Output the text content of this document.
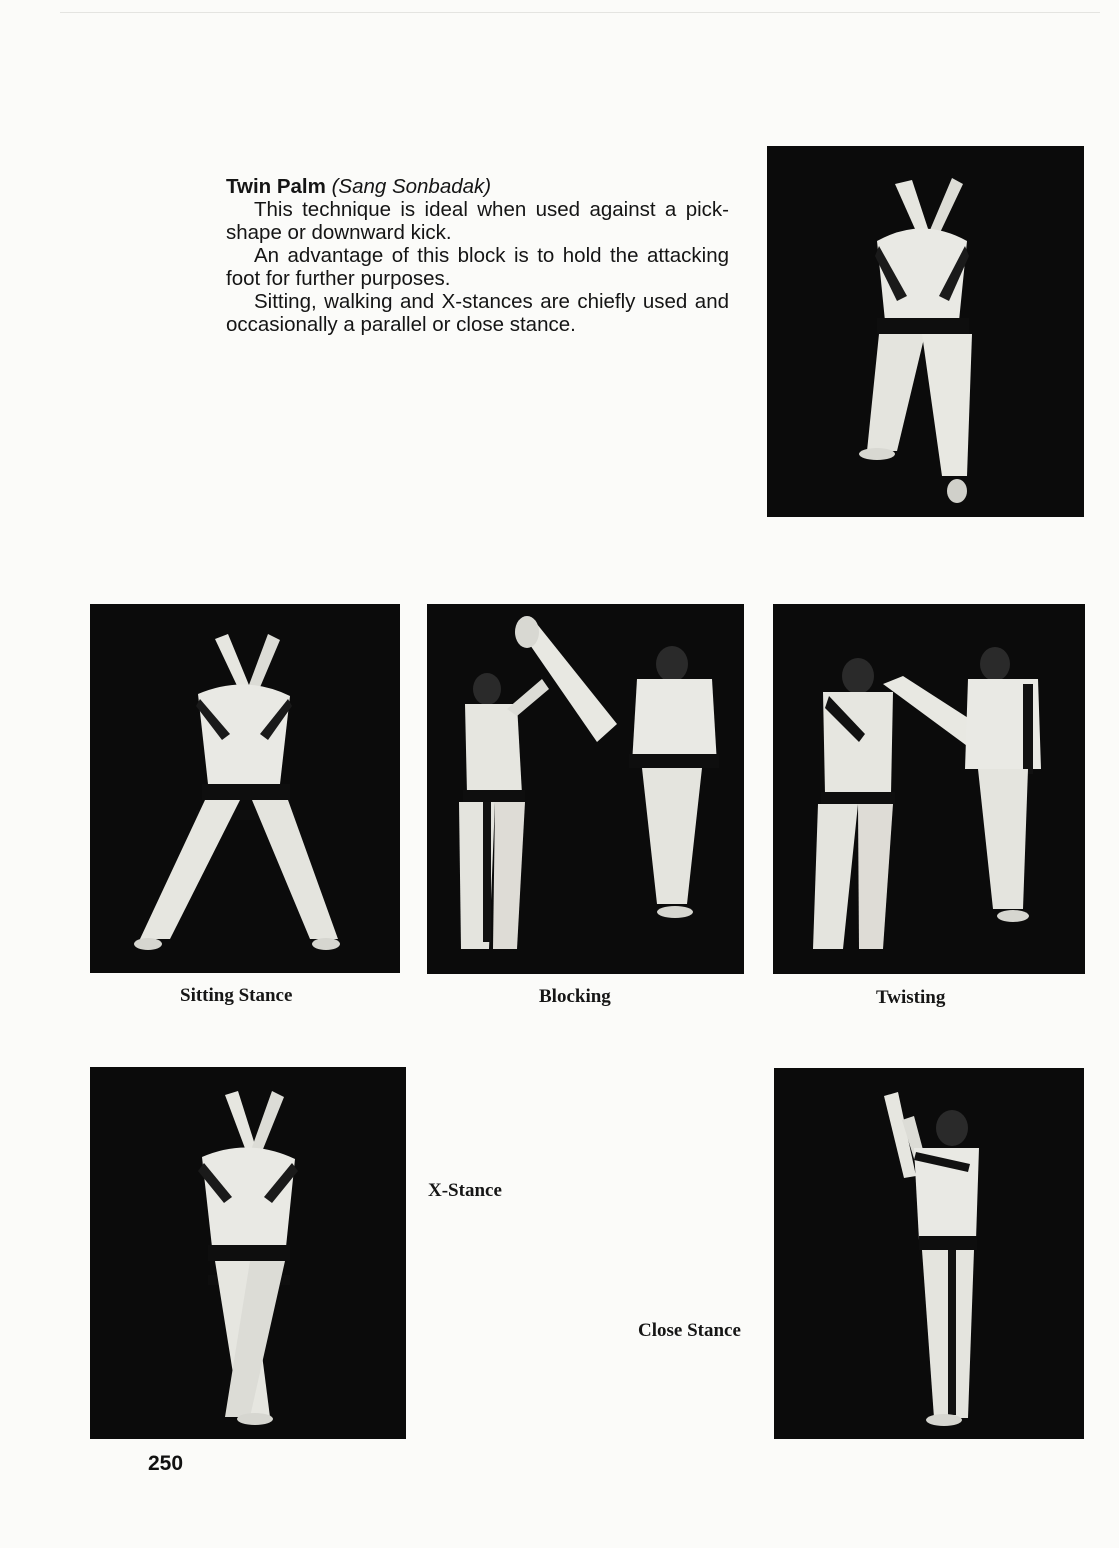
Twin Palm (Sang Sonbadak)

This technique is ideal when used against a pick-shape or downward kick.

An advantage of this block is to hold the attacking foot for further purposes.

Sitting, walking and X-stances are chiefly used and occasionally a parallel or close stance.

Sitting Stance	Blocking	Twisting
X-Stance
Close Stance
250
